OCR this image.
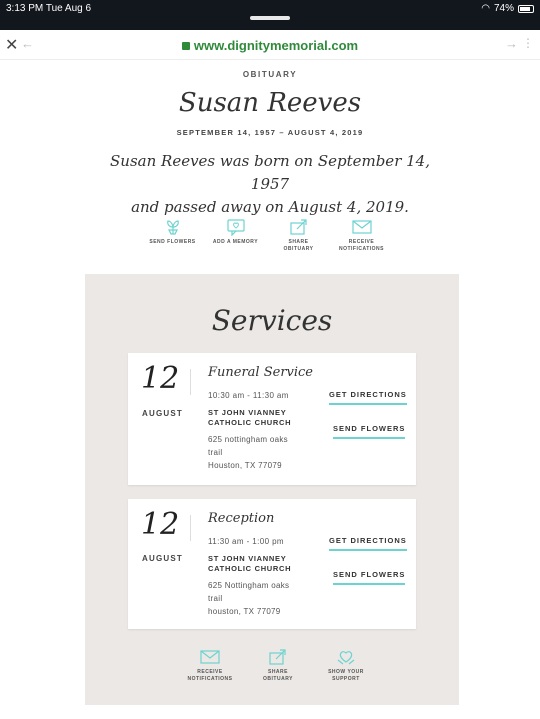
3:13 PM Tue Aug 6	◠ 74%
✕ ←	www.dignitymemorial.com	→ ⋮
OBITUARY
Susan Reeves
SEPTEMBER 14, 1957 – AUGUST 4, 2019
Susan Reeves was born on September 14, 1957
and passed away on August 4, 2019.
SEND FLOWERS	ADD A MEMORY	SHARE
OBITUARY
RECEIVE
NOTIFICATIONS
Services
12
AUGUST
Funeral Service
10:30 am - 11:30 am
ST JOHN VIANNEY
CATHOLIC CHURCH
625 nottingham oaks
trail
Houston, TX 77079
GET DIRECTIONS
SEND FLOWERS
12
AUGUST
Reception
11:30 am - 1:00 pm
ST JOHN VIANNEY
CATHOLIC CHURCH
625 Nottingham oaks
trail
houston, TX 77079
GET DIRECTIONS
SEND FLOWERS
RECEIVE
NOTIFICATIONS
SHARE
OBITUARY
SHOW YOUR
SUPPORT
